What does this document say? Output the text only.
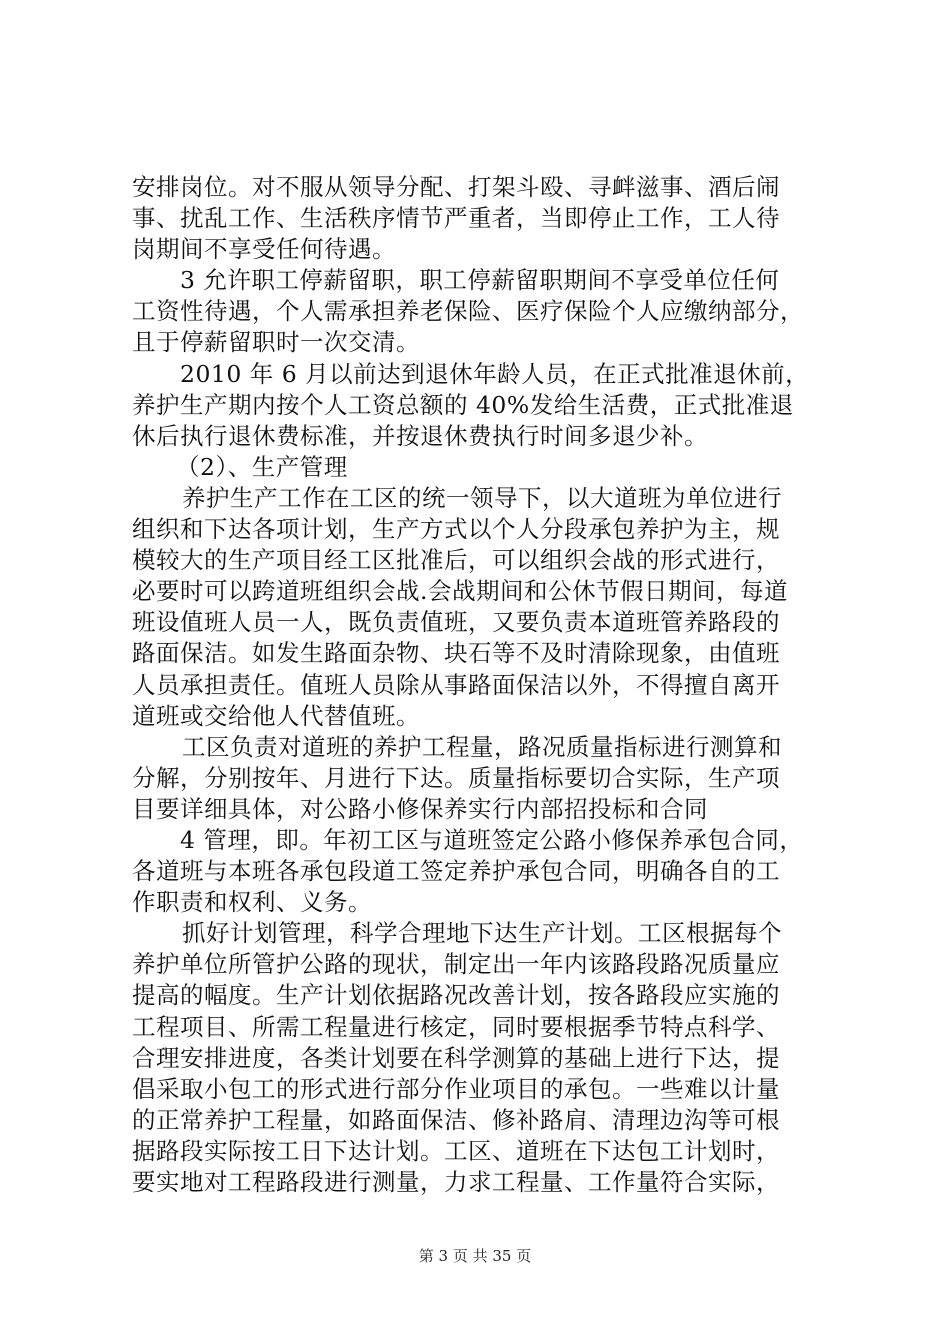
安排岗位。对不服从领导分配、打架斗殴、寻衅滋事、酒后闹
事、扰乱工作、生活秩序情节严重者，当即停止工作，工人待
岗期间不享受任何待遇。
3 允许职工停薪留职，职工停薪留职期间不享受单位任何
工资性待遇，个人需承担养老保险、医疗保险个人应缴纳部分，
且于停薪留职时一次交清。
2010 年 6 月以前达到退休年龄人员，在正式批准退休前，
养护生产期内按个人工资总额的 40%发给生活费，正式批准退
休后执行退休费标准，并按退休费执行时间多退少补。
（2）、生产管理
养护生产工作在工区的统一领导下，以大道班为单位进行
组织和下达各项计划，生产方式以个人分段承包养护为主，规
模较大的生产项目经工区批准后，可以组织会战的形式进行，
必要时可以跨道班组织会战.会战期间和公休节假日期间，每道
班设值班人员一人，既负责值班，又要负责本道班管养路段的
路面保洁。如发生路面杂物、块石等不及时清除现象，由值班
人员承担责任。值班人员除从事路面保洁以外，不得擅自离开
道班或交给他人代替值班。
工区负责对道班的养护工程量，路况质量指标进行测算和
分解，分别按年、月进行下达。质量指标要切合实际，生产项
目要详细具体，对公路小修保养实行内部招投标和合同
4 管理，即。年初工区与道班签定公路小修保养承包合同，
各道班与本班各承包段道工签定养护承包合同，明确各自的工
作职责和权利、义务。
抓好计划管理，科学合理地下达生产计划。工区根据每个
养护单位所管护公路的现状，制定出一年内该路段路况质量应
提高的幅度。生产计划依据路况改善计划，按各路段应实施的
工程项目、所需工程量进行核定，同时要根据季节特点科学、
合理安排进度，各类计划要在科学测算的基础上进行下达，提
倡采取小包工的形式进行部分作业项目的承包。一些难以计量
的正常养护工程量，如路面保洁、修补路肩、清理边沟等可根
据路段实际按工日下达计划。工区、道班在下达包工计划时，
要实地对工程路段进行测量，力求工程量、工作量符合实际，
第 3 页 共 35 页
